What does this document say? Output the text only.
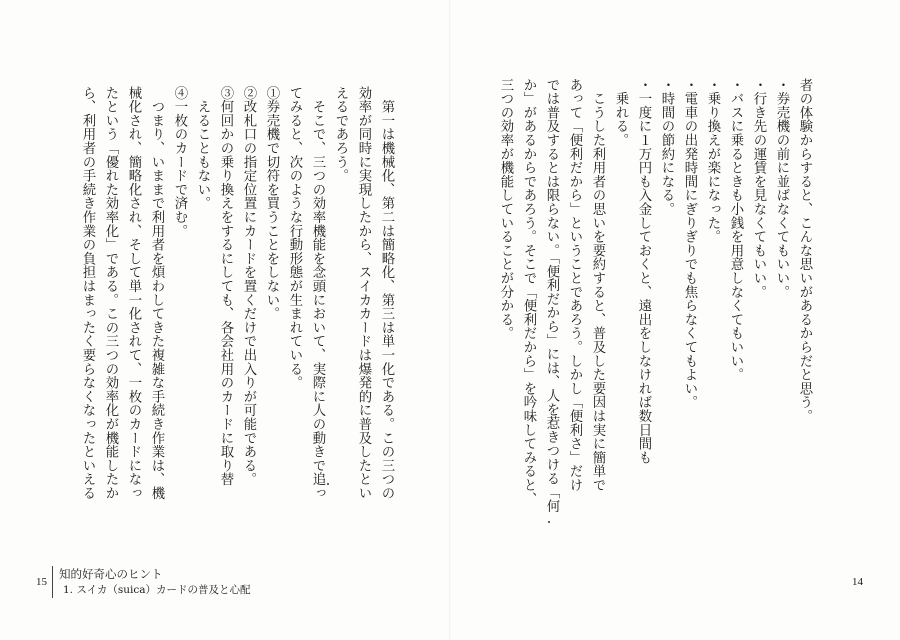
者の体験からすると、こんな思いがあるからだと思う。
・券売機の前に並ばなくてもいい。
・行き先の運賃を見なくてもいい。
・バスに乗るときも小銭を用意しなくてもいい。
・乗り換えが楽になった。
・電車の出発時間にぎりぎりでも焦らなくてもよい。
・時間の節約になる。
・一度に１万円も入金しておくと、遠出をしなければ数日間も
　乗れる。
　こうした利用者の思いを要約すると、普及した要因は実に簡単で
あって「便利だから」ということであろう。しかし「便利さ」だけ
では普及するとは限らない。「便利だから」には、人を惹きつける「何
か」があるからであろう。そこで「便利だから」を吟味してみると、
三つの効率が機能していることが分かる。
　第一は機械化、第二は簡略化、第三は単一化である。この三つの
効率が同時に実現したから、スイカカードは爆発的に普及したとい
えるであろう。
　そこで、三つの効率機能を念頭において、実際に人の動きで追っ
てみると、次のような行動形態が生まれている。
①券売機で切符を買うことをしない。
②改札口の指定位置にカードを置くだけで出入りが可能である。
③何回かの乗り換えをするにしても、各会社用のカードに取り替
　えることもない。
④一枚のカードで済む。
　つまり、いままで利用者を煩わしてきた複雑な手続き作業は、機
械化され、簡略化され、そして単一化されて、一枚のカードになっ
たという「優れた効率化」である。この三つの効率化が機能したか
ら、利用者の手続き作業の負担はまったく要らなくなったといえる
15
知的好奇心のヒント
1. スイカ（suica）カードの普及と心配
14
